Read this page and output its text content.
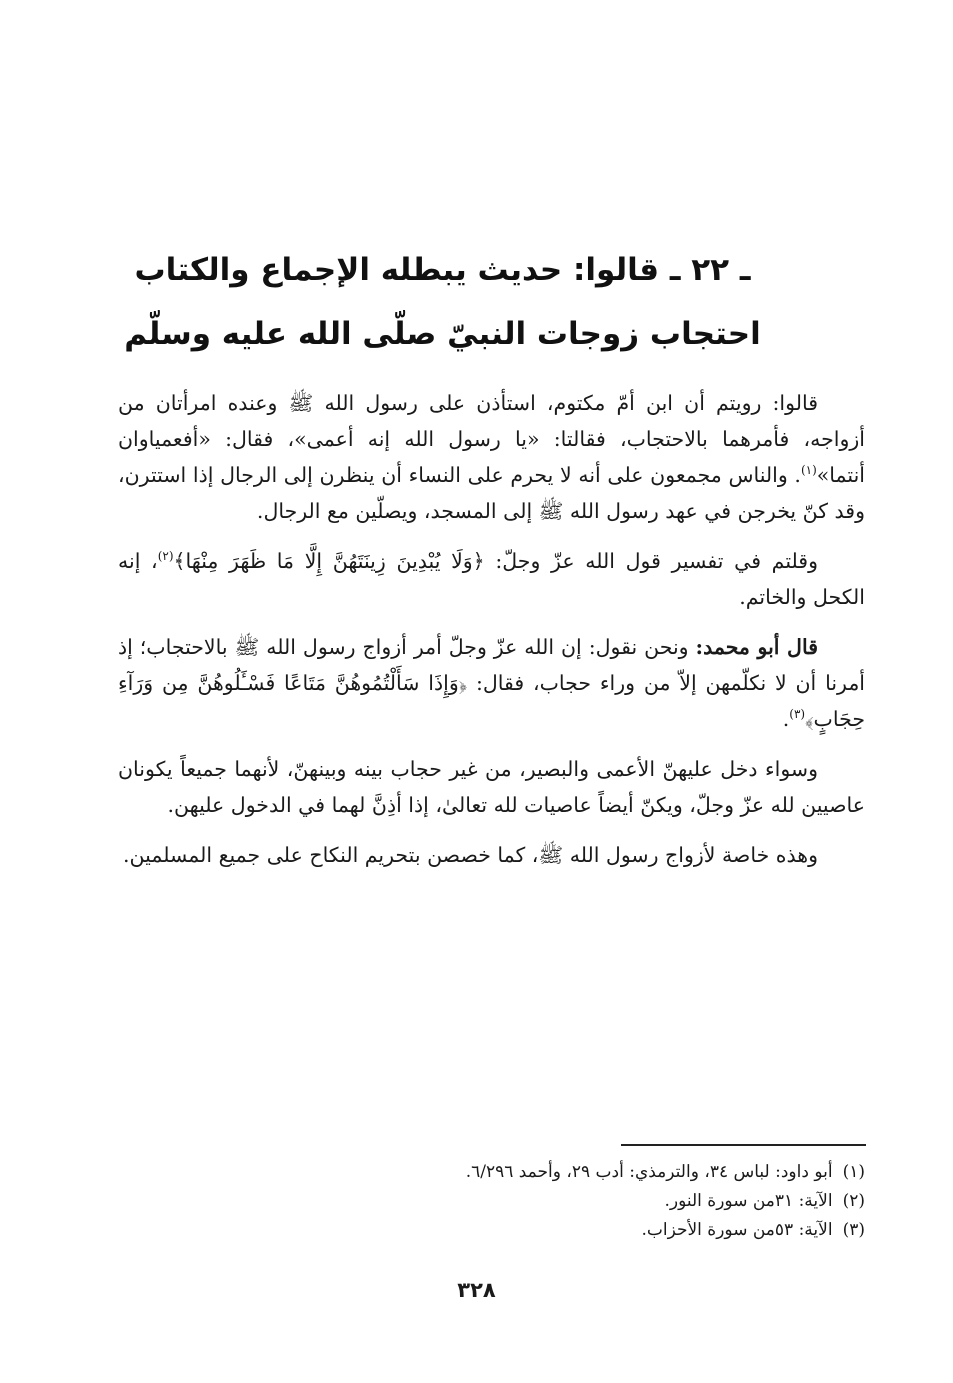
ـ ٢٢ ـ قالوا: حديث يبطله الإجماع والكتاب
احتجاب زوجات النبيّ صلّى الله عليه وسلّم

قالوا: رويتم أن ابن أمّ مكتوم، استأذن على رسول الله ﷺ وعنده امرأتان من أزواجه، فأمرهما بالاحتجاب، فقالتا: «يا رسول الله إنه أعمى»، فقال: «أفعمياوان أنتما»$^{(١)}$. والناس مجمعون على أنه لا يحرم على النساء أن ينظرن إلى الرجال إذا استترن، وقد كنّ يخرجن في عهد رسول الله ﷺ إلى المسجد، ويصلّين مع الرجال.

وقلتم في تفسير قول الله عزّ وجلّ: ﴿وَلَا يُبْدِينَ زِينَتَهُنَّ إِلَّا مَا ظَهَرَ مِنْهَا﴾$^{(٢)}$، إنه الكحل والخاتم.

قال أبو محمد: ونحن نقول: إن الله عزّ وجلّ أمر أزواج رسول الله ﷺ بالاحتجاب؛ إذ أمرنا أن لا نكلّمهن إلاّ من وراء حجاب، فقال: ﴿وَإِذَا سَأَلْتُمُوهُنَّ مَتَاعًا فَسْـَٔلُوهُنَّ مِن وَرَآءِ حِجَابٍ﴾$^{(٣)}$.

وسواء دخل عليهنّ الأعمى والبصير، من غير حجاب بينه وبينهنّ، لأنهما جميعاً يكونان عاصيين لله عزّ وجلّ، ويكنّ أيضاً عاصيات لله تعالىٰ، إذا أذِنَّ لهما في الدخول عليهن.

وهذه خاصة لأزواج رسول الله ﷺ، كما خصصن بتحريم النكاح على جميع المسلمين.

(١)أبو داود: لباس ٣٤، والترمذي: أدب ٢٩، وأحمد ٦/٢٩٦.
(٢)الآية: ٣١من سورة النور.
(٣)الآية: ٥٣من سورة الأحزاب.
٣٢٨
